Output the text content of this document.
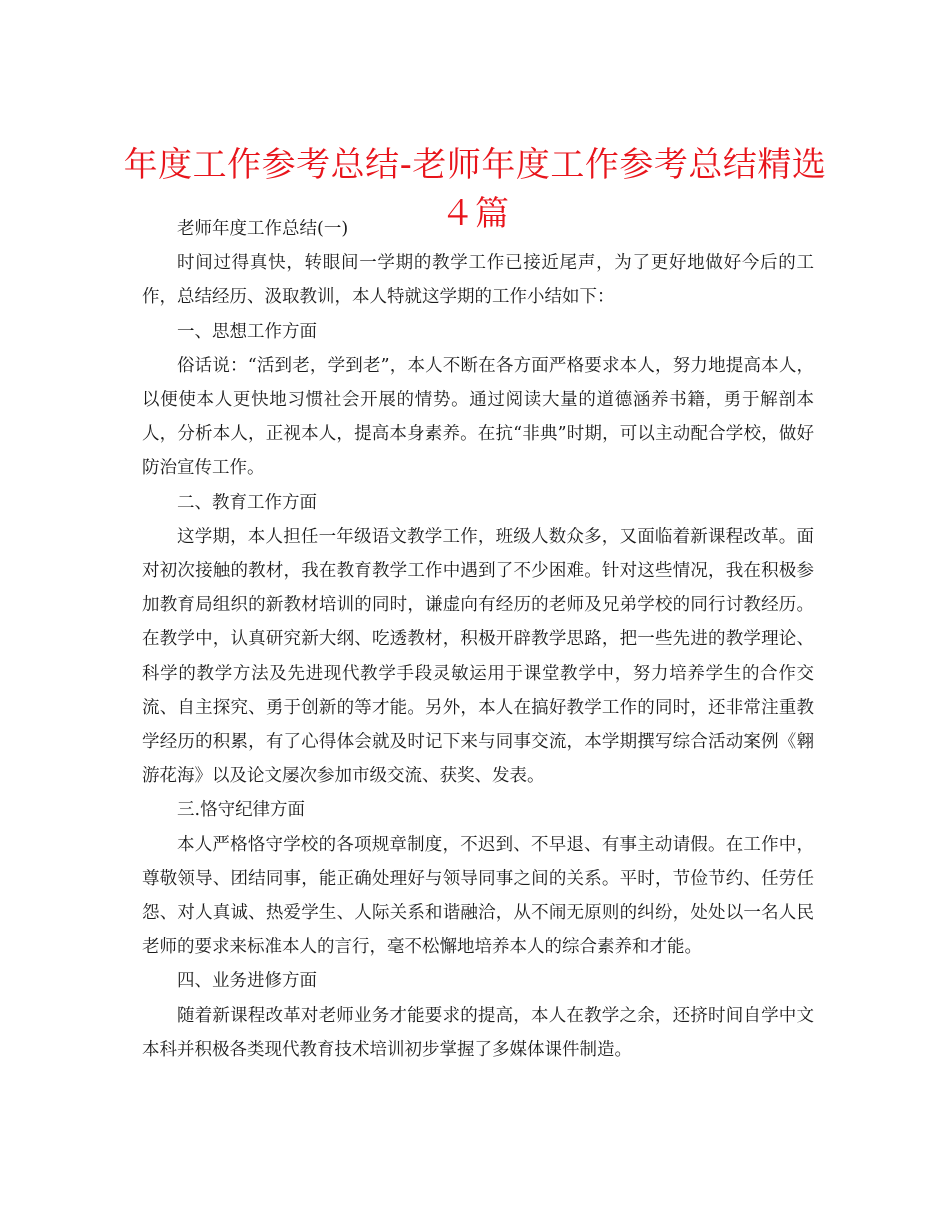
年度工作参考总结-老师年度工作参考总结精选４篇

老师年度工作总结(一)

时间过得真快，转眼间一学期的教学工作已接近尾声，为了更好地做好今后的工作，总结经历、汲取教训，本人特就这学期的工作小结如下：

一、思想工作方面

俗话说：“活到老，学到老”，本人不断在各方面严格要求本人，努力地提高本人，以便使本人更快地习惯社会开展的情势。通过阅读大量的道德涵养书籍，勇于解剖本人，分析本人，正视本人，提高本身素养。在抗“非典”时期，可以主动配合学校，做好防治宣传工作。

二、教育工作方面

这学期，本人担任一年级语文教学工作，班级人数众多，又面临着新课程改革。面对初次接触的教材，我在教育教学工作中遇到了不少困难。针对这些情况，我在积极参加教育局组织的新教材培训的同时，谦虚向有经历的老师及兄弟学校的同行讨教经历。在教学中，认真研究新大纲、吃透教材，积极开辟教学思路，把一些先进的教学理论、科学的教学方法及先进现代教学手段灵敏运用于课堂教学中，努力培养学生的合作交流、自主探究、勇于创新的等才能。另外，本人在搞好教学工作的同时，还非常注重教学经历的积累，有了心得体会就及时记下来与同事交流，本学期撰写综合活动案例《翱游花海》以及论文屡次参加市级交流、获奖、发表。

三.恪守纪律方面

本人严格恪守学校的各项规章制度，不迟到、不早退、有事主动请假。在工作中，尊敬领导、团结同事，能正确处理好与领导同事之间的关系。平时，节俭节约、任劳任怨、对人真诚、热爱学生、人际关系和谐融洽，从不闹无原则的纠纷，处处以一名人民老师的要求来标准本人的言行，毫不松懈地培养本人的综合素养和才能。

四、业务进修方面

随着新课程改革对老师业务才能要求的提高，本人在教学之余，还挤时间自学中文本科并积极各类现代教育技术培训初步掌握了多媒体课件制造。
